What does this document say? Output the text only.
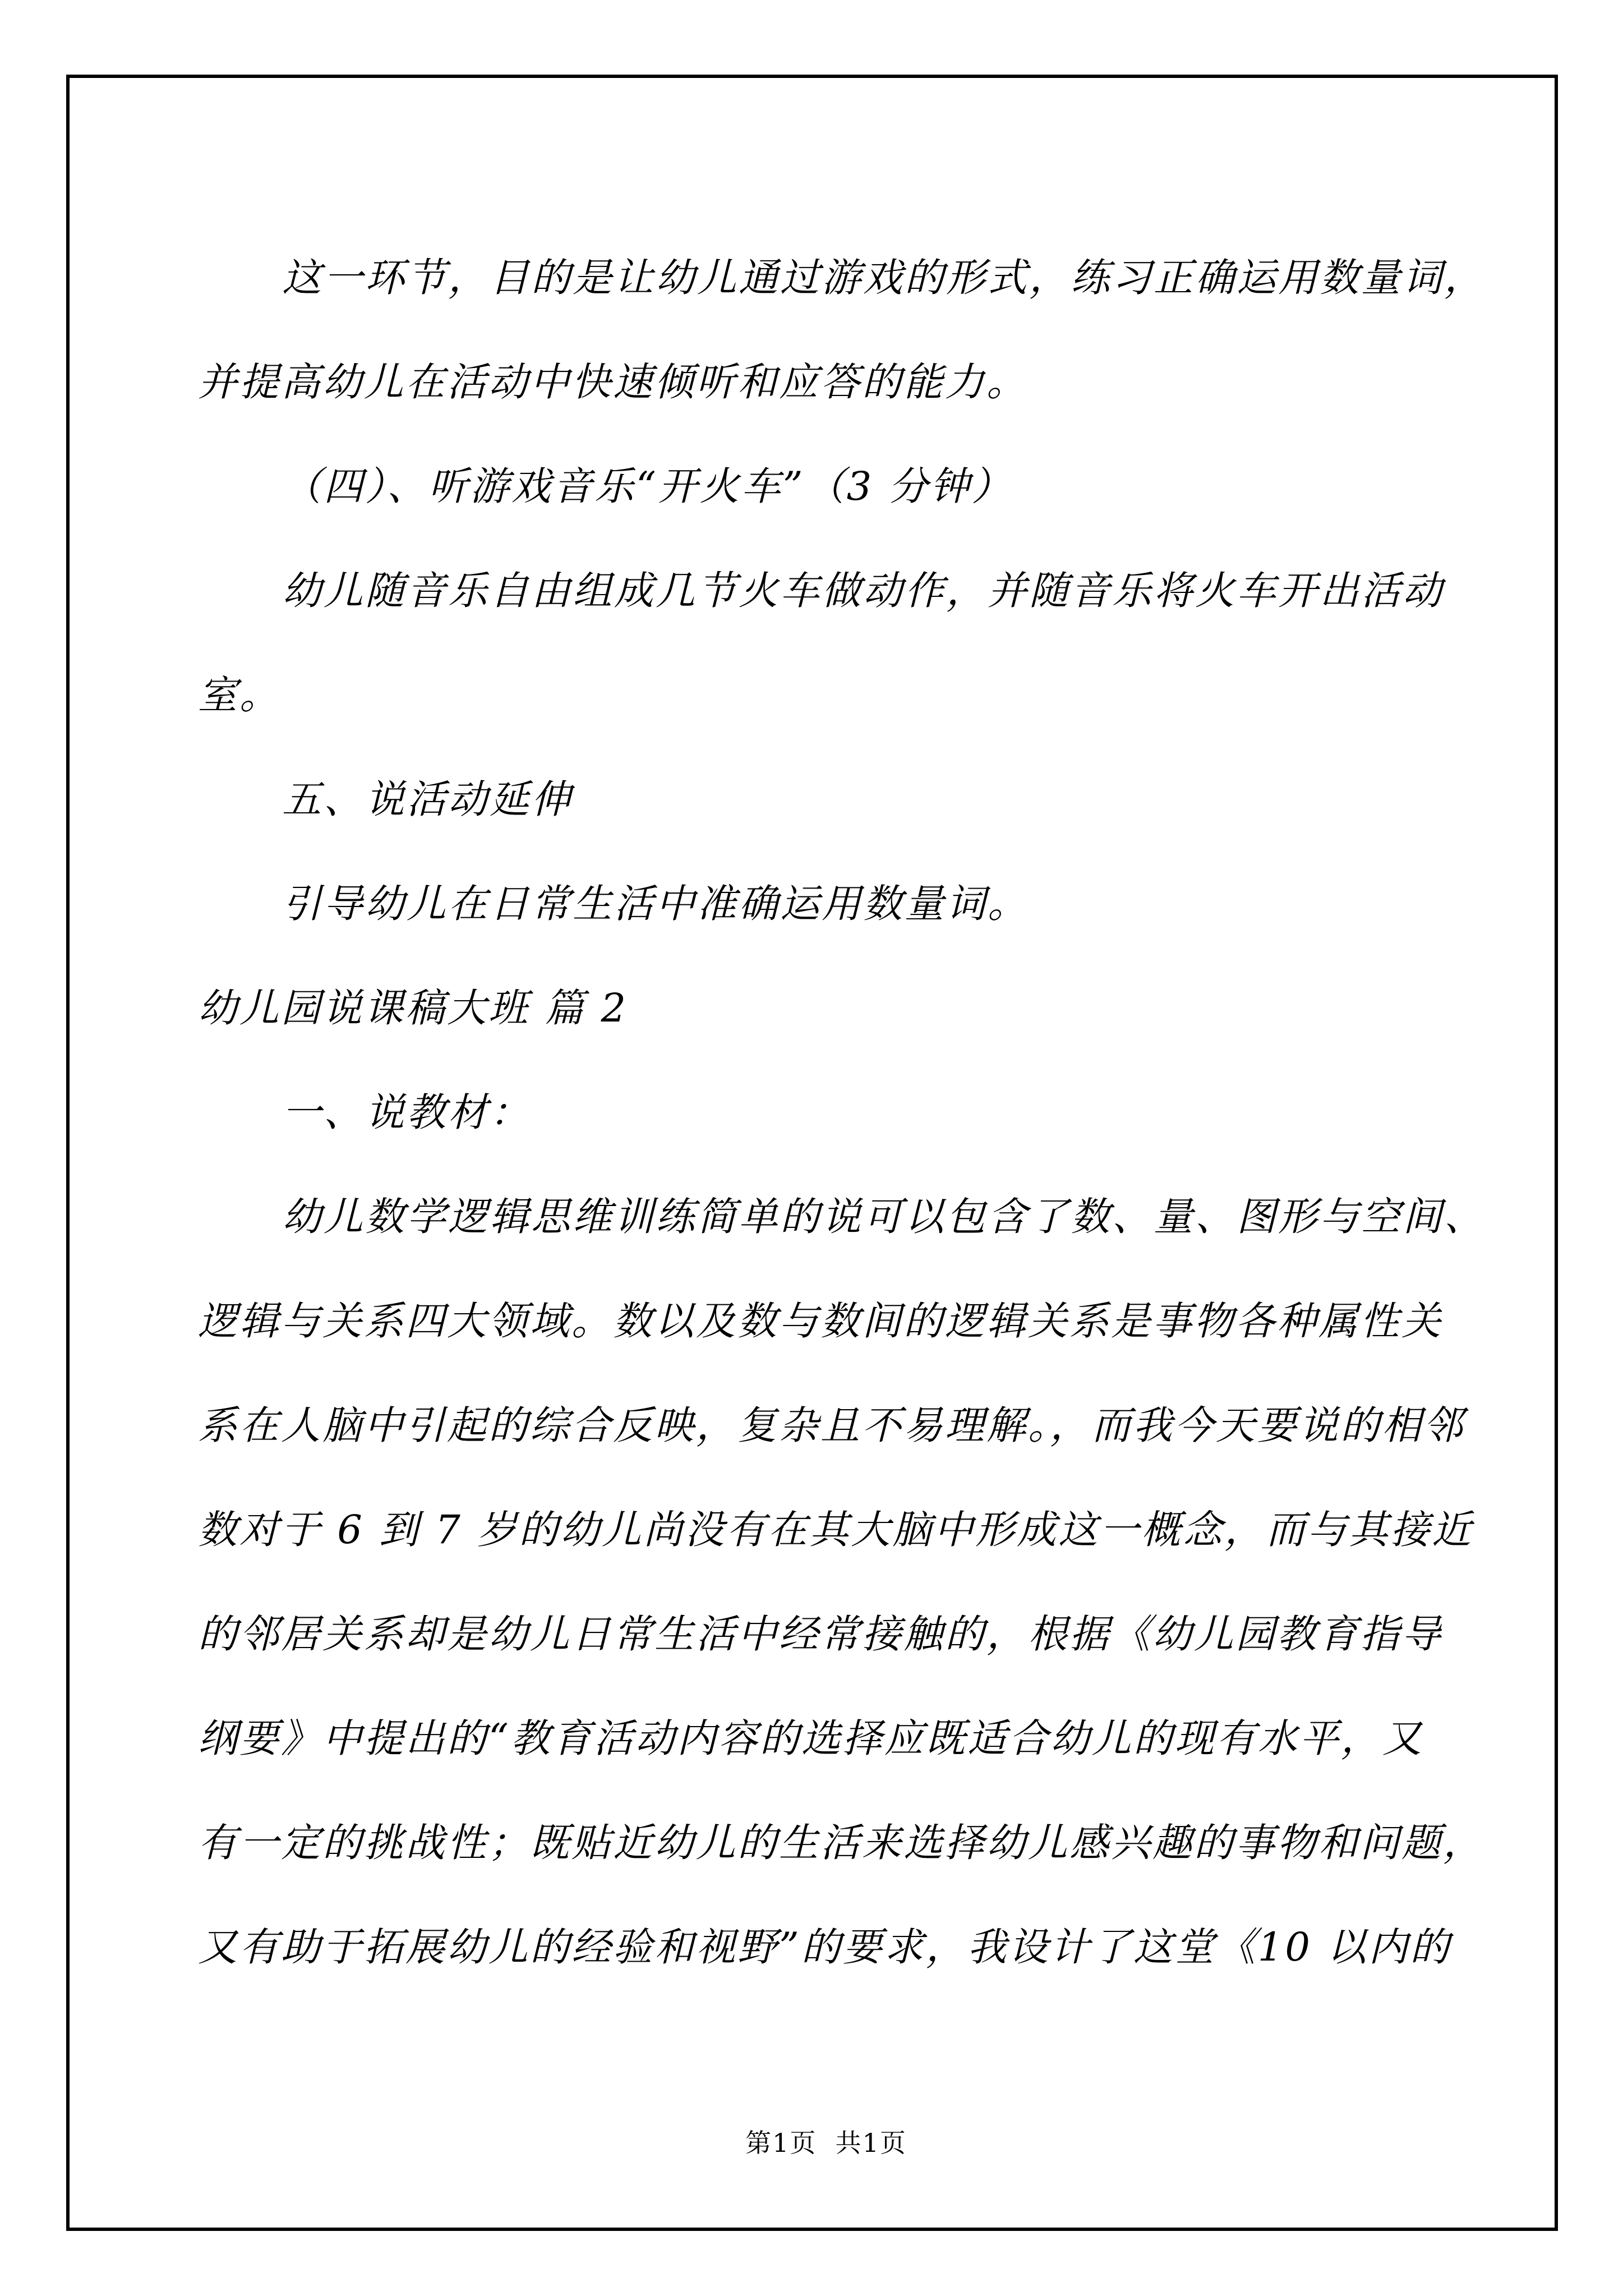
这一环节，目的是让幼儿通过游戏的形式，练习正确运用数量词，
并提高幼儿在活动中快速倾听和应答的能力。
（四）、听游戏音乐“开火车”（3 分钟）
幼儿随音乐自由组成几节火车做动作，并随音乐将火车开出活动
室。
五、说活动延伸
引导幼儿在日常生活中准确运用数量词。
幼儿园说课稿大班 篇 2
一、说教材：
幼儿数学逻辑思维训练简单的说可以包含了数、量、图形与空间、
逻辑与关系四大领域。数以及数与数间的逻辑关系是事物各种属性关
系在人脑中引起的综合反映，复杂且不易理解。，而我今天要说的相邻
数对于 6 到 7 岁的幼儿尚没有在其大脑中形成这一概念，而与其接近
的邻居关系却是幼儿日常生活中经常接触的，根据《幼儿园教育指导
纲要》中提出的“教育活动内容的选择应既适合幼儿的现有水平，又
有一定的挑战性；既贴近幼儿的生活来选择幼儿感兴趣的事物和问题，
又有助于拓展幼儿的经验和视野”的要求，我设计了这堂《10 以内的
第1页  共1页
